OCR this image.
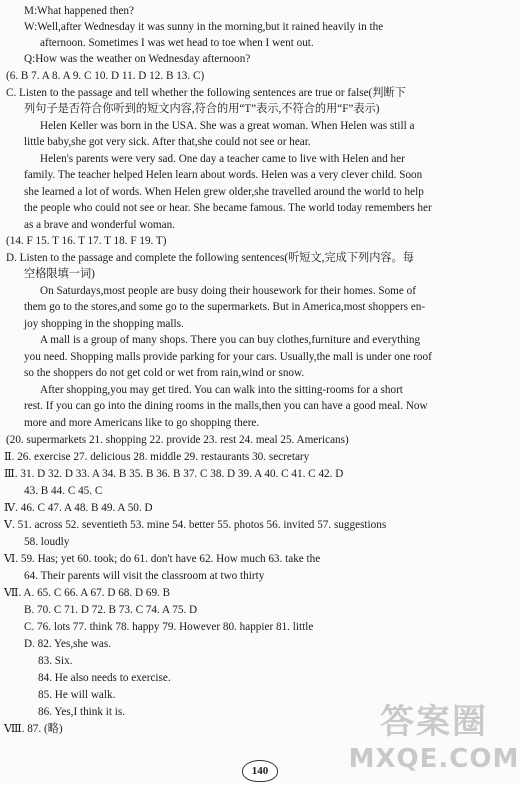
M:What happened then?
W:Well,after Wednesday it was sunny in the morning,but it rained heavily in the
afternoon. Sometimes I was wet head to toe when I went out.
Q:How was the weather on Wednesday afternoon?
(6. B 7. A 8. A 9. C 10. D 11. D 12. B 13. C)
C. Listen to the passage and tell whether the following sentences are true or false(判断下
列句子是否符合你听到的短文内容,符合的用“T”表示,不符合的用“F”表示)
Helen Keller was born in the USA. She was a great woman. When Helen was still a
little baby,she got very sick. After that,she could not see or hear.
Helen's parents were very sad. One day a teacher came to live with Helen and her
family. The teacher helped Helen learn about words. Helen was a very clever child. Soon
she learned a lot of words. When Helen grew older,she travelled around the world to help
the people who could not see or hear. She became famous. The world today remembers her
as a brave and wonderful woman.
(14. F 15. T 16. T 17. T 18. F 19. T)
D. Listen to the passage and complete the following sentences(听短文,完成下列内容。每
空格限填一词)
On Saturdays,most people are busy doing their housework for their homes. Some of
them go to the stores,and some go to the supermarkets. But in America,most shoppers en-
joy shopping in the shopping malls.
A mall is a group of many shops. There you can buy clothes,furniture and everything
you need. Shopping malls provide parking for your cars. Usually,the mall is under one roof
so the shoppers do not get cold or wet from rain,wind or snow.
After shopping,you may get tired. You can walk into the sitting-rooms for a short
rest. If you can go into the dining rooms in the malls,then you can have a good meal. Now
more and more Americans like to go shopping there.
(20. supermarkets 21. shopping 22. provide 23. rest 24. meal 25. Americans)
Ⅱ. 26. exercise 27. delicious 28. middle 29. restaurants 30. secretary
Ⅲ. 31. D 32. D 33. A 34. B 35. B 36. B 37. C 38. D 39. A 40. C 41. C 42. D
43. B 44. C 45. C
Ⅳ. 46. C 47. A 48. B 49. A 50. D
Ⅴ. 51. across 52. seventieth 53. mine 54. better 55. photos 56. invited 57. suggestions
58. loudly
Ⅵ. 59. Has; yet 60. took; do 61. don't have 62. How much 63. take the
64. Their parents will visit the classroom at two thirty
Ⅶ. A. 65. C 66. A 67. D 68. D 69. B
B. 70. C 71. D 72. B 73. C 74. A 75. D
C. 76. lots 77. think 78. happy 79. However 80. happier 81. little
D. 82. Yes,she was.
83. Six.
84. He also needs to exercise.
85. He will walk.
86. Yes,I think it is.
Ⅷ. 87. (略)	答案圈
MXQE.COM
140
